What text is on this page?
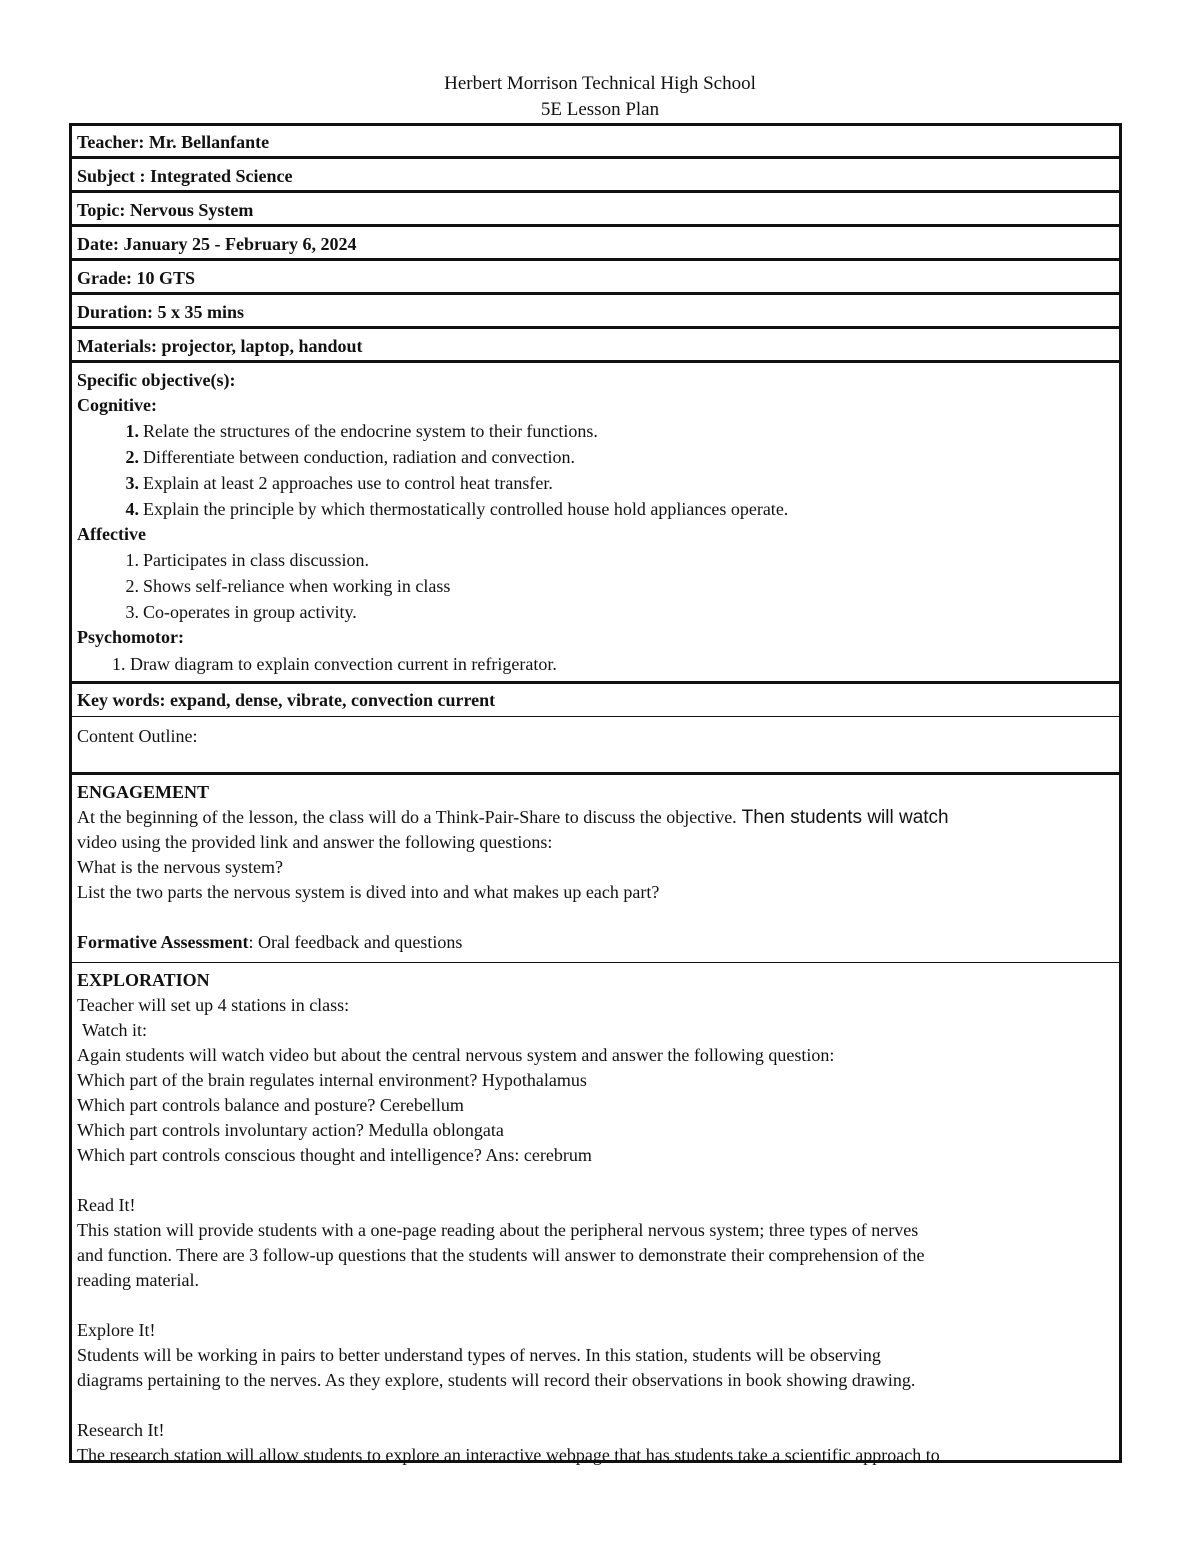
Herbert Morrison Technical High School
5E Lesson Plan
Teacher: Mr. Bellanfante
Subject : Integrated Science
Topic: Nervous System
Date: January 25 - February 6, 2024
Grade: 10 GTS
Duration: 5 x 35 mins
Materials: projector, laptop, handout
Specific objective(s):
Cognitive:
1. Relate the structures of the endocrine system to their functions.
2. Differentiate between conduction, radiation and convection.
3. Explain at least 2 approaches use to control heat transfer.
4. Explain the principle by which thermostatically controlled house hold appliances operate.
Affective
1. Participates in class discussion.
2. Shows self-reliance when working in class
3. Co-operates in group activity.
Psychomotor:
1. Draw diagram to explain convection current in refrigerator.
Key words: expand, dense, vibrate, convection current
Content Outline:
ENGAGEMENT
At the beginning of the lesson, the class will do a Think-Pair-Share to discuss the objective. Then students will watch
video using the provided link and answer the following questions:
What is the nervous system?
List the two parts the nervous system is dived into and what makes up each part?
Formative Assessment: Oral feedback and questions
EXPLORATION
Teacher will set up 4 stations in class:
Watch it:
Again students will watch video but about the central nervous system and answer the following question:
Which part of the brain regulates internal environment? Hypothalamus
Which part controls balance and posture? Cerebellum
Which part controls involuntary action? Medulla oblongata
Which part controls conscious thought and intelligence? Ans: cerebrum
Read It!
This station will provide students with a one-page reading about the peripheral nervous system; three types of nerves
and function. There are 3 follow-up questions that the students will answer to demonstrate their comprehension of the
reading material.
Explore It!
Students will be working in pairs to better understand types of nerves. In this station, students will be observing
diagrams pertaining to the nerves. As they explore, students will record their observations in book showing drawing.
Research It!
The research station will allow students to explore an interactive webpage that has students take a scientific approach to
